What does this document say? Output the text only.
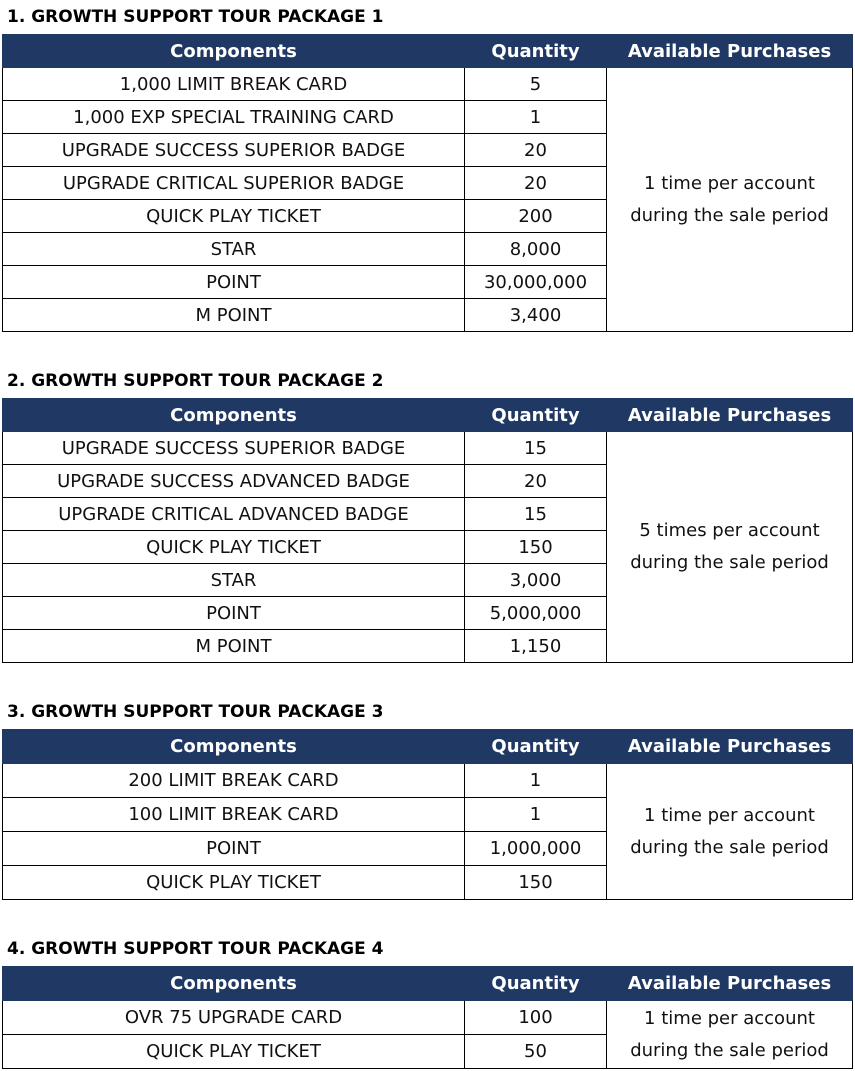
1. GROWTH SUPPORT TOUR PACKAGE 1
Components	Quantity	Available Purchases
1,000 LIMIT BREAK CARD	5	1 time per account
during the sale period

1,000 EXP SPECIAL TRAINING CARD	1	
UPGRADE SUCCESS SUPERIOR BADGE	20	
UPGRADE CRITICAL SUPERIOR BADGE	20	
QUICK PLAY TICKET	200	
STAR	8,000	
POINT	30,000,000	
M POINT	3,400	
2. GROWTH SUPPORT TOUR PACKAGE 2
Components	Quantity	Available Purchases
UPGRADE SUCCESS SUPERIOR BADGE	15	5 times per account
during the sale period

UPGRADE SUCCESS ADVANCED BADGE	20	
UPGRADE CRITICAL ADVANCED BADGE	15	
QUICK PLAY TICKET	150	
STAR	3,000	
POINT	5,000,000	
M POINT	1,150	
3. GROWTH SUPPORT TOUR PACKAGE 3
Components	Quantity	Available Purchases
200 LIMIT BREAK CARD	1	1 time per account
during the sale period

100 LIMIT BREAK CARD	1	
POINT	1,000,000	
QUICK PLAY TICKET	150	
4. GROWTH SUPPORT TOUR PACKAGE 4
Components	Quantity	Available Purchases
OVR 75 UPGRADE CARD	100	1 time per account
during the sale period

QUICK PLAY TICKET	50	
